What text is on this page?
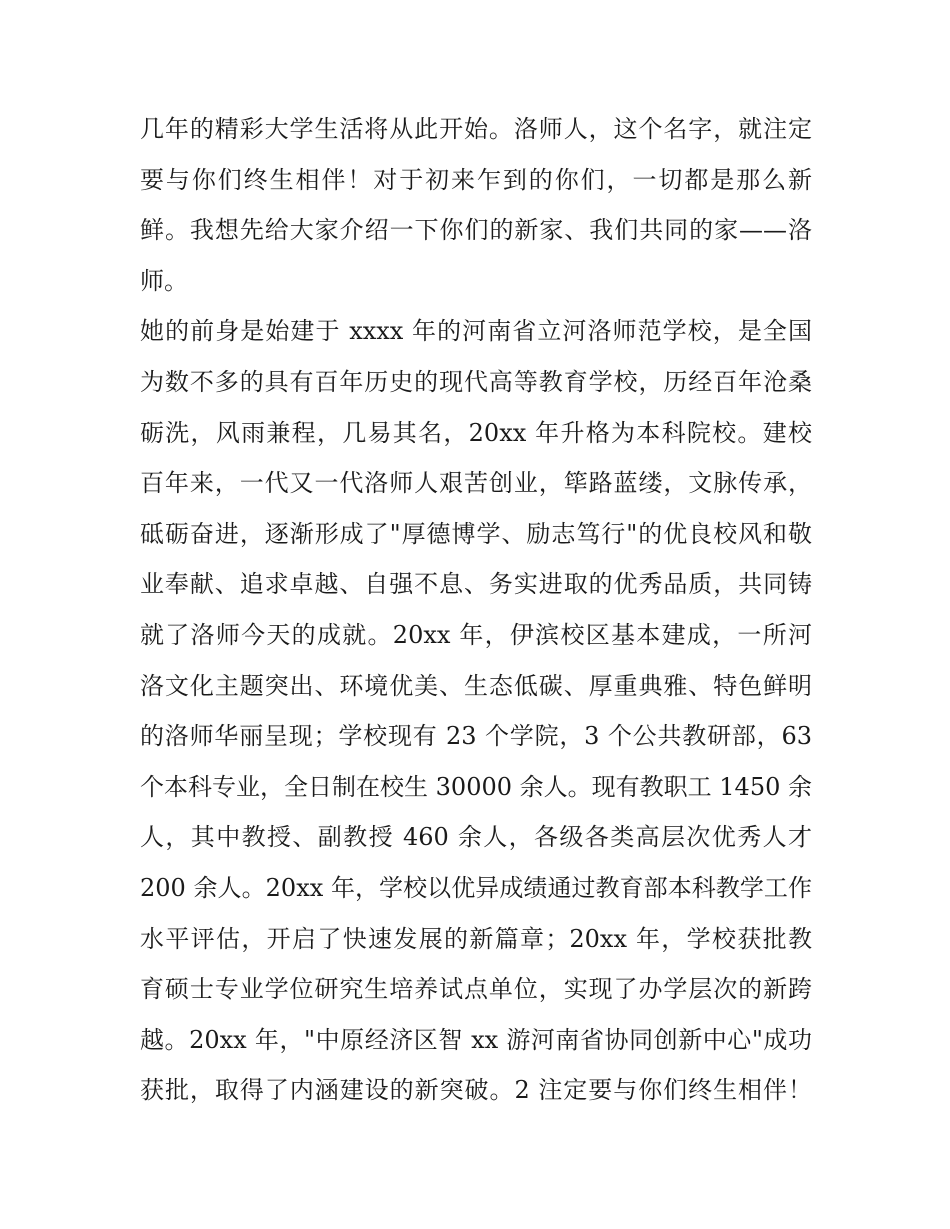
几年的精彩大学生活将从此开始。洛师人，这个名字，就注定
要与你们终生相伴！对于初来乍到的你们，一切都是那么新
鲜。我想先给大家介绍一下你们的新家、我们共同的家——洛
师。

她的前身是始建于 xxxx 年的河南省立河洛师范学校，是全国
为数不多的具有百年历史的现代高等教育学校，历经百年沧桑
砺洗，风雨兼程，几易其名，20xx 年升格为本科院校。建校
百年来，一代又一代洛师人艰苦创业，筚路蓝缕，文脉传承，
砥砺奋进，逐渐形成了"厚德博学、励志笃行"的优良校风和敬
业奉献、追求卓越、自强不息、务实进取的优秀品质，共同铸
就了洛师今天的成就。20xx 年，伊滨校区基本建成，一所河
洛文化主题突出、环境优美、生态低碳、厚重典雅、特色鲜明
的洛师华丽呈现；学校现有 23 个学院，3 个公共教研部，63
个本科专业，全日制在校生 30000 余人。现有教职工 1450 余
人，其中教授、副教授 460 余人，各级各类高层次优秀人才
200 余人。20xx 年，学校以优异成绩通过教育部本科教学工作
水平评估，开启了快速发展的新篇章；20xx 年，学校获批教
育硕士专业学位研究生培养试点单位，实现了办学层次的新跨
越。20xx 年，"中原经济区智 xx 游河南省协同创新中心"成功
获批，取得了内涵建设的新突破。2 注定要与你们终生相伴！
